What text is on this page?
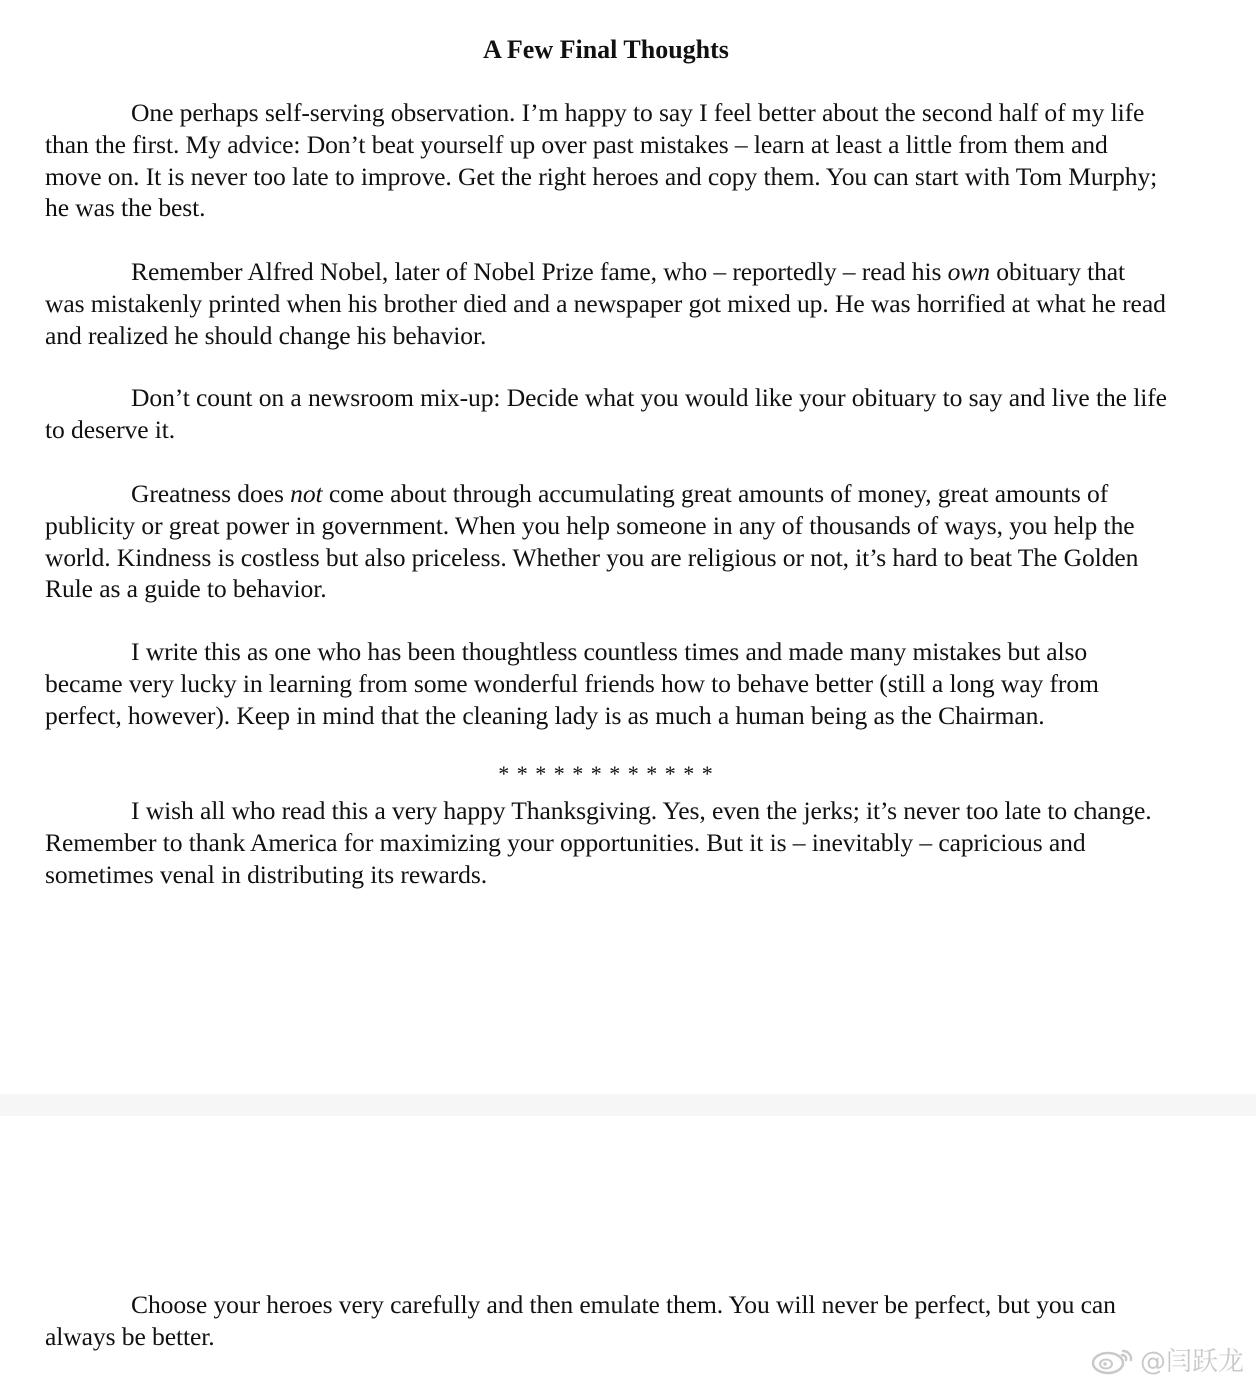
A Few Final Thoughts

One perhaps self-serving observation. I’m happy to say I feel better about the second half of my life than the first. My advice: Don’t beat yourself up over past mistakes – learn at least a little from them and move on. It is never too late to improve. Get the right heroes and copy them. You can start with Tom Murphy; he was the best.

Remember Alfred Nobel, later of Nobel Prize fame, who – reportedly – read his own obituary that was mistakenly printed when his brother died and a newspaper got mixed up. He was horrified at what he read and realized he should change his behavior.

Don’t count on a newsroom mix-up: Decide what you would like your obituary to say and live the life to deserve it.

Greatness does not come about through accumulating great amounts of money, great amounts of publicity or great power in government. When you help someone in any of thousands of ways, you help the world. Kindness is costless but also priceless. Whether you are religious or not, it’s hard to beat The Golden Rule as a guide to behavior.

I write this as one who has been thoughtless countless times and made many mistakes but also became very lucky in learning from some wonderful friends how to behave better (still a long way from perfect, however). Keep in mind that the cleaning lady is as much a human being as the Chairman.

* * * * * * * * * * * *

I wish all who read this a very happy Thanksgiving. Yes, even the jerks; it’s never too late to change. Remember to thank America for maximizing your opportunities. But it is – inevitably – capricious and sometimes venal in distributing its rewards.

Choose your heroes very carefully and then emulate them. You will never be perfect, but you can always be better.

@闫跃龙
